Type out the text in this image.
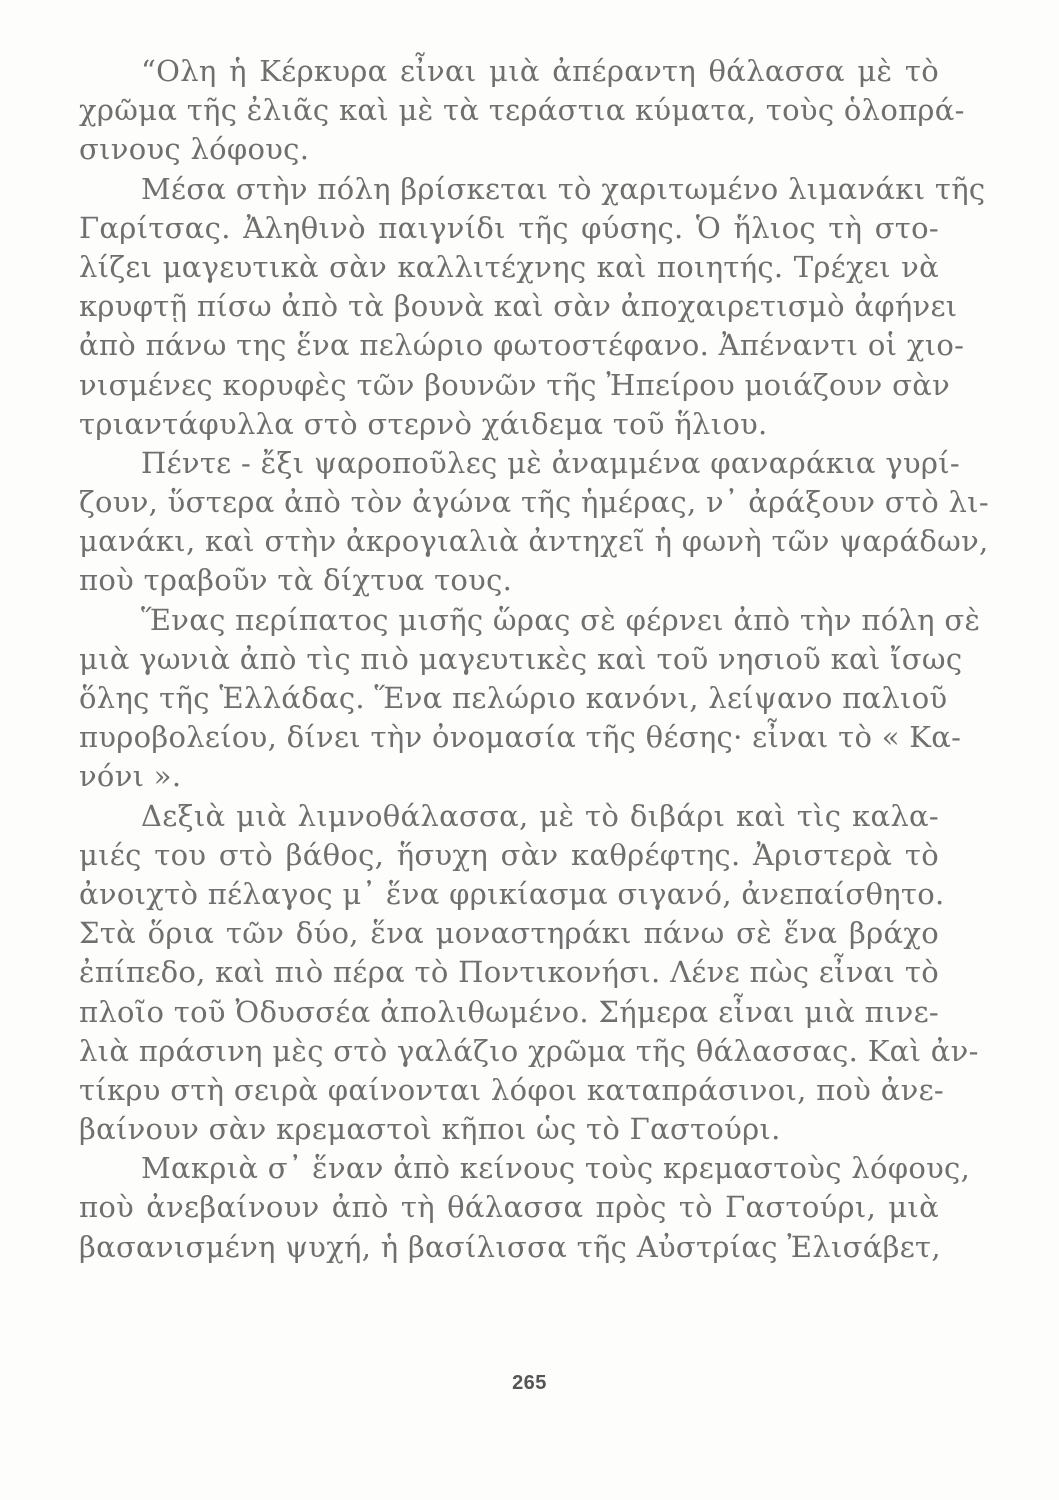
“Ολη ἡ Κέρκυρα εἶναι μιὰ ἀπέραντη θάλασσα μὲ τὸ
χρῶμα τῆς ἐλιᾶς καὶ μὲ τὰ τεράστια κύματα, τοὺς ὁλοπρά-
σινους λόφους.
Μέσα στὴν πόλη βρίσκεται τὸ χαριτωμένο λιμανάκι τῆς
Γαρίτσας. Ἀληθινὸ παιγνίδι τῆς φύσης. Ὁ ἥλιος τὴ στο-
λίζει μαγευτικὰ σὰν καλλιτέχνης καὶ ποιητής. Τρέχει νὰ
κρυφτῇ πίσω ἀπὸ τὰ βουνὰ καὶ σὰν ἀποχαιρετισμὸ ἀφήνει
ἀπὸ πάνω της ἕνα πελώριο φωτοστέφανο. Ἀπέναντι οἱ χιο-
νισμένες κορυφὲς τῶν βουνῶν τῆς Ἠπείρου μοιάζουν σὰν
τριαντάφυλλα στὸ στερνὸ χάιδεμα τοῦ ἥλιου.
Πέντε - ἔξι ψαροποῦλες μὲ ἀναμμένα φαναράκια γυρί-
ζουν, ὕστερα ἀπὸ τὸν ἀγώνα τῆς ἡμέρας, ν᾿ ἀράξουν στὸ λι-
μανάκι, καὶ στὴν ἀκρογιαλιὰ ἀντηχεῖ ἡ φωνὴ τῶν ψαράδων,
ποὺ τραβοῦν τὰ δίχτυα τους.
Ἕνας περίπατος μισῆς ὥρας σὲ φέρνει ἀπὸ τὴν πόλη σὲ
μιὰ γωνιὰ ἀπὸ τὶς πιὸ μαγευτικὲς καὶ τοῦ νησιοῦ καὶ ἴσως
ὅλης τῆς Ἑλλάδας. Ἕνα πελώριο κανόνι, λείψανο παλιοῦ
πυροβολείου, δίνει τὴν ὀνομασία τῆς θέσης· εἶναι τὸ « Κα-
νόνι ».
Δεξιὰ μιὰ λιμνοθάλασσα, μὲ τὸ διβάρι καὶ τὶς καλα-
μιές του στὸ βάθος, ἥσυχη σὰν καθρέφτης. Ἀριστερὰ τὸ
ἀνοιχτὸ πέλαγος μ᾿ ἕνα φρικίασμα σιγανό, ἀνεπαίσθητο.
Στὰ ὅρια τῶν δύο, ἕνα μοναστηράκι πάνω σὲ ἕνα βράχο
ἐπίπεδο, καὶ πιὸ πέρα τὸ Ποντικονήσι. Λένε πὼς εἶναι τὸ
πλοῖο τοῦ Ὀδυσσέα ἀπολιθωμένο. Σήμερα εἶναι μιὰ πινε-
λιὰ πράσινη μὲς στὸ γαλάζιο χρῶμα τῆς θάλασσας. Καὶ ἀν-
τίκρυ στὴ σειρὰ φαίνονται λόφοι καταπράσινοι, ποὺ ἀνε-
βαίνουν σὰν κρεμαστοὶ κῆποι ὡς τὸ Γαστούρι.
Μακριὰ σ᾿ ἕναν ἀπὸ κείνους τοὺς κρεμαστοὺς λόφους,
ποὺ ἀνεβαίνουν ἀπὸ τὴ θάλασσα πρὸς τὸ Γαστούρι, μιὰ
βασανισμένη ψυχή, ἡ βασίλισσα τῆς Αὐστρίας Ἐλισάβετ,
265
